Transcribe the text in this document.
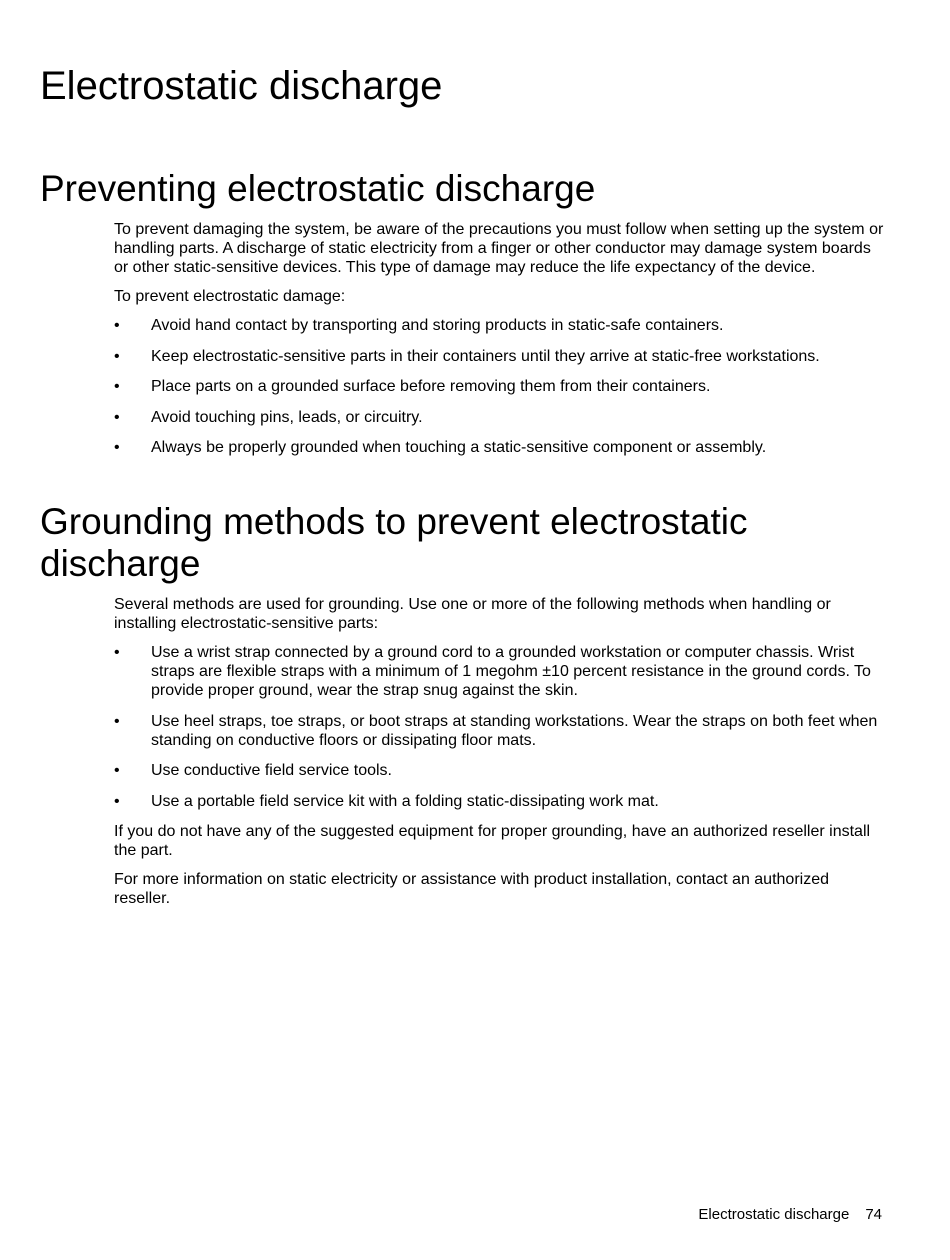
Electrostatic discharge
Preventing electrostatic discharge

To prevent damaging the system, be aware of the precautions you must follow when setting up the system or handling parts. A discharge of static electricity from a finger or other conductor may damage system boards or other static-sensitive devices. This type of damage may reduce the life expectancy of the device.

To prevent electrostatic damage:

• Avoid hand contact by transporting and storing products in static-safe containers.
• Keep electrostatic-sensitive parts in their containers until they arrive at static-free workstations.
• Place parts on a grounded surface before removing them from their containers.
• Avoid touching pins, leads, or circuitry.
• Always be properly grounded when touching a static-sensitive component or assembly.
Grounding methods to prevent electrostatic discharge

Several methods are used for grounding. Use one or more of the following methods when handling or installing electrostatic-sensitive parts:

• Use a wrist strap connected by a ground cord to a grounded workstation or computer chassis. Wrist straps are flexible straps with a minimum of 1 megohm ±10 percent resistance in the ground cords. To provide proper ground, wear the strap snug against the skin.
• Use heel straps, toe straps, or boot straps at standing workstations. Wear the straps on both feet when standing on conductive floors or dissipating floor mats.
• Use conductive field service tools.
• Use a portable field service kit with a folding static-dissipating work mat.

If you do not have any of the suggested equipment for proper grounding, have an authorized reseller install the part.

For more information on static electricity or assistance with product installation, contact an authorized reseller.

Electrostatic discharge 74
